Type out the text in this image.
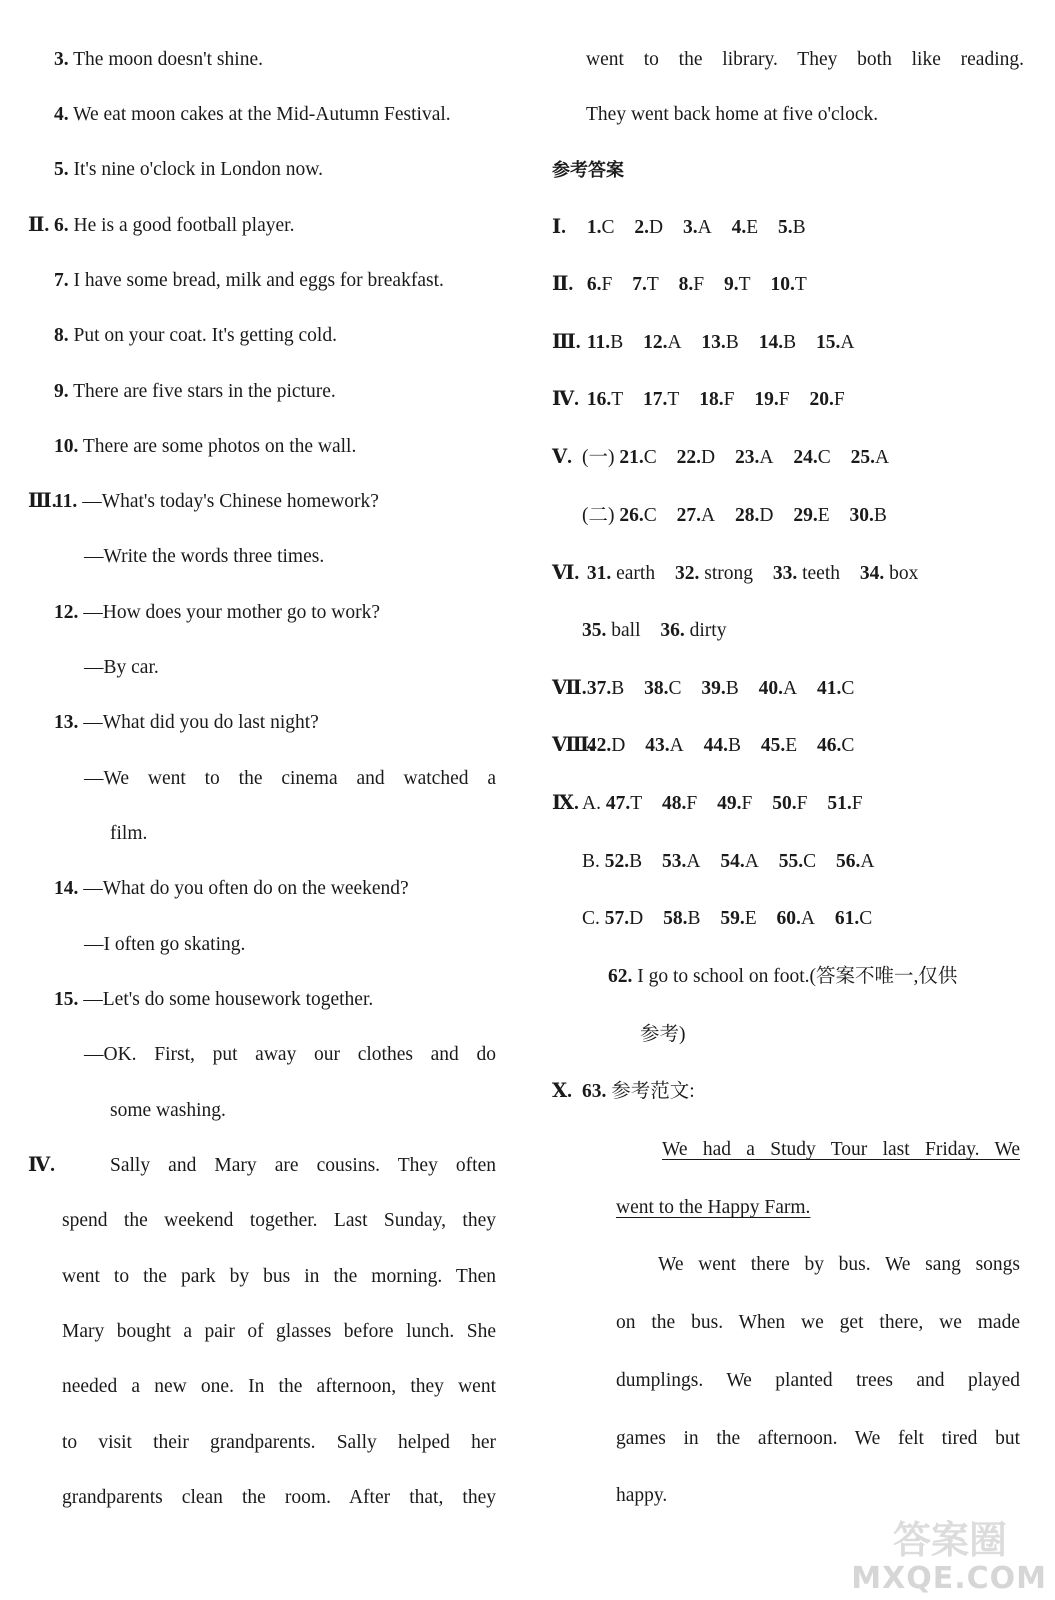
3. The moon doesn't shine.
4. We eat moon cakes at the Mid-Autumn Festival.
5. It's nine o'clock in London now.
Ⅱ. 6. He is a good football player.
7. I have some bread, milk and eggs for breakfast.
8. Put on your coat. It's getting cold.
9. There are five stars in the picture.
10. There are some photos on the wall.
Ⅲ.11. —What's today's Chinese homework?
—Write the words three times.
12. —How does your mother go to work?
—By car.
13. —What did you do last night?
—We went to the cinema and watched a
film.
14. —What do you often do on the weekend?
—I often go skating.
15. —Let's do some housework together.
—OK. First, put away our clothes and do
some washing.
Ⅳ.	Sally and Mary are cousins. They often
spend the weekend together. Last Sunday, they
went to the park by bus in the morning. Then
Mary bought a pair of glasses before lunch. She
needed a new one. In the afternoon, they went
to visit their grandparents. Sally helped her
grandparents clean the room. After that, they
went to the library. They both like reading.
They went back home at five o'clock.
参考答案
Ⅰ. 1.C 2.D 3.A 4.E 5.B
Ⅱ. 6.F 7.T 8.F 9.T 10.T
Ⅲ. 11.B 12.A 13.B 14.B 15.A
Ⅳ. 16.T 17.T 18.F 19.F 20.F
Ⅴ. (一) 21.C 22.D 23.A 24.C 25.A
(二) 26.C 27.A 28.D 29.E 30.B
Ⅵ. 31. earth 32. strong 33. teeth 34. box
35. ball 36. dirty
Ⅶ. 37.B 38.C 39.B 40.A 41.C
Ⅷ. 42.D 43.A 44.B 45.E 46.C
Ⅸ. A. 47.T 48.F 49.F 50.F 51.F
B. 52.B 53.A 54.A 55.C 56.A
C. 57.D 58.B 59.E 60.A 61.C
62. I go to school on foot.(答案不唯一,仅供
参考)
Ⅹ. 63. 参考范文:
We had a Study Tour last Friday. We
went to the Happy Farm.
We went there by bus. We sang songs
on the bus. When we get there, we made
dumplings. We planted trees and played
games in the afternoon. We felt tired but
happy.
答案圈
MXQE.COM
